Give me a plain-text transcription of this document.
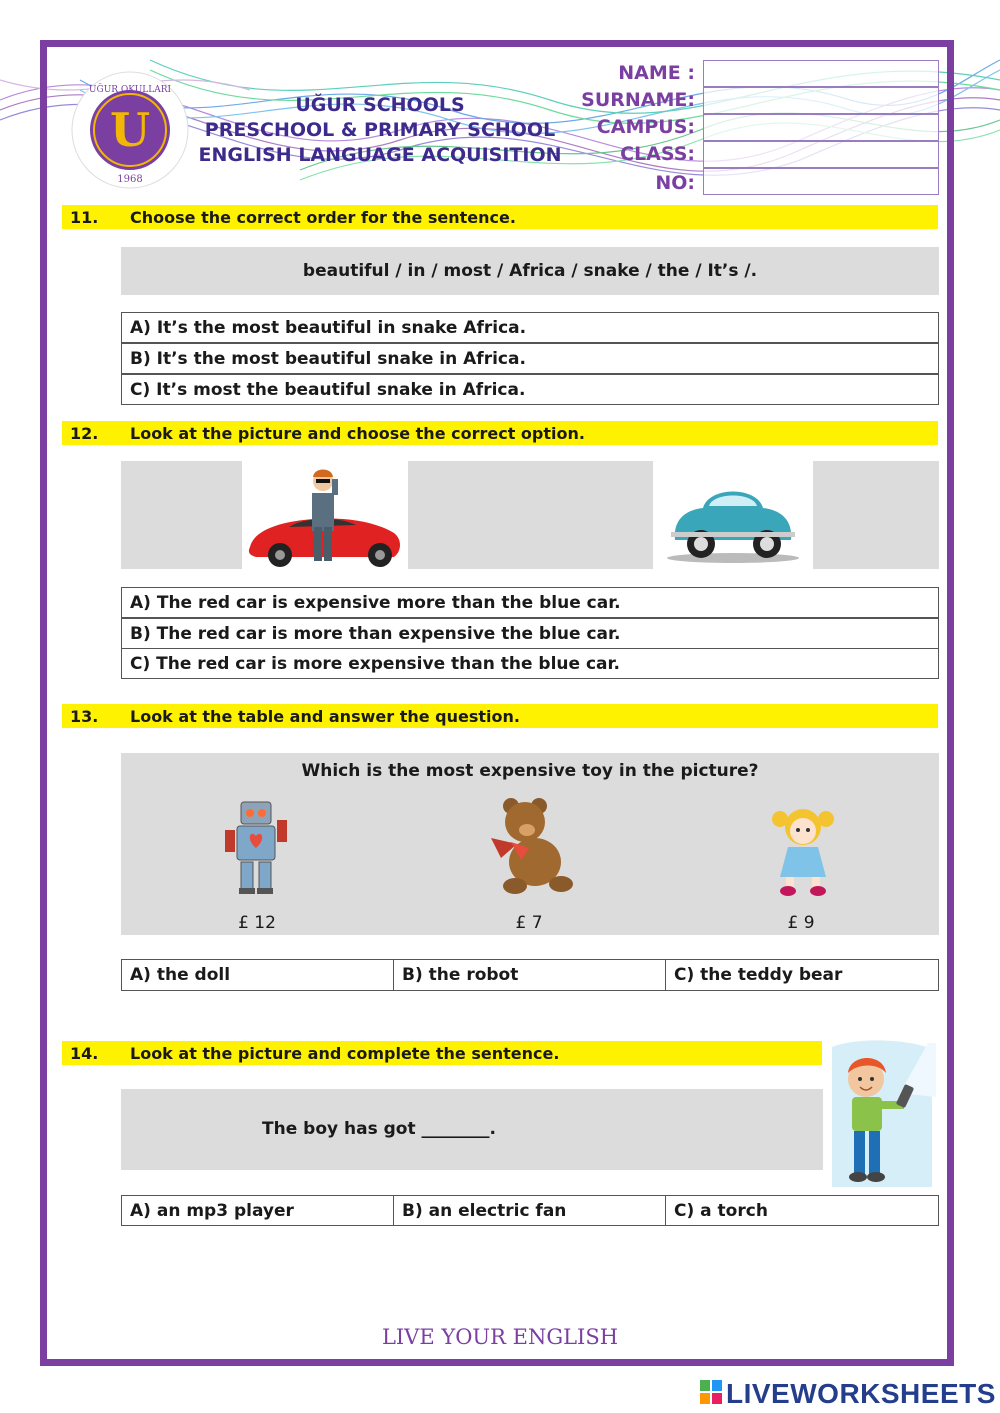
U
UĞUR OKULLARI
1968
UĞUR SCHOOLS
PRESCHOOL & PRIMARY SCHOOL
ENGLISH LANGUAGE ACQUISITION
NAME :
SURNAME:
CAMPUS:
CLASS:
NO:
11. Choose the correct order for the sentence.
beautiful / in / most / Africa / snake / the / It’s /.
A) It’s the most beautiful in snake Africa.
B) It’s the most beautiful snake in Africa.
C) It’s most the beautiful snake in Africa.
12. Look at the picture and choose the correct option.
A) The red car is expensive more than the blue car.
B) The red car is more than expensive the blue car.
C) The red car is more expensive than the blue car.
13. Look at the table and answer the question.
Which is the most expensive toy in the picture?
£ 12	£ 7	£ 9
A) the doll	B) the robot	C) the teddy bear
14. Look at the picture and complete the sentence.
The boy has got ________.
A) an mp3 player	B) an electric fan	C) a torch
LIVE YOUR ENGLISH
LIVEWORKSHEETS
